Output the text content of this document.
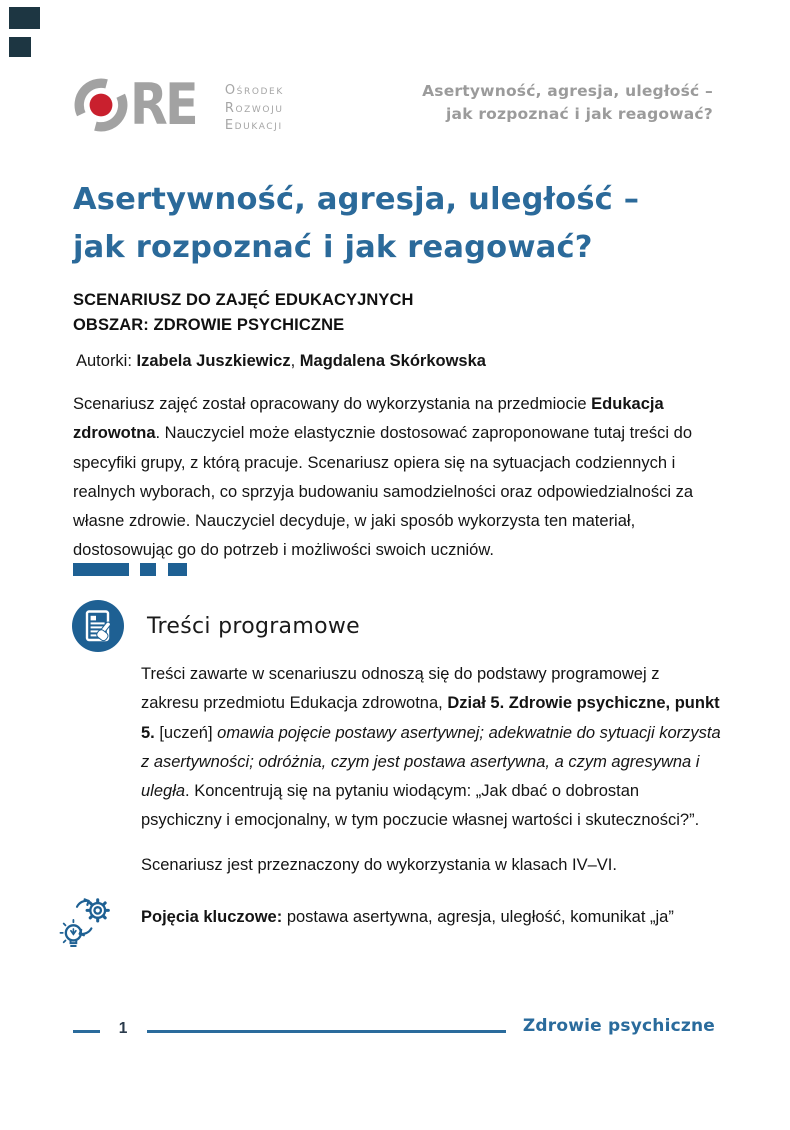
RE Ośrodek
Rozwoju
Edukacji
Asertywność, agresja, uległość –
jak rozpoznać i jak reagować?
Asertywność, agresja, uległość –
jak rozpoznać i jak reagować?
SCENARIUSZ DO ZAJĘĆ EDUKACYJNYCH
OBSZAR: ZDROWIE PSYCHICZNE
Autorki: Izabela Juszkiewicz, Magdalena Skórkowska

Scenariusz zajęć został opracowany do wykorzystania na przedmiocie Edukacja zdrowotna. Nauczyciel może elastycznie dostosować zaproponowane tutaj treści do specyfiki grupy, z którą pracuje. Scenariusz opiera się na sytuacjach codziennych i realnych wyborach, co sprzyja budowaniu samodzielności oraz odpowiedzialności za własne zdrowie. Nauczyciel decyduje, w jaki sposób wykorzysta ten materiał, dostosowując go do potrzeb i możliwości swoich uczniów.

Treści programowe

Treści zawarte w scenariuszu odnoszą się do podstawy programowej z zakresu przedmiotu Edukacja zdrowotna, Dział 5. Zdrowie psychiczne, punkt 5. [uczeń] omawia pojęcie postawy asertywnej; adekwatnie do sytuacji korzysta z asertywności; odróżnia, czym jest postawa asertywna, a czym agresywna i uległa. Koncentrują się na pytaniu wiodącym: „Jak dbać o dobrostan psychiczny i emocjonalny, w tym poczucie własnej wartości i skuteczności?”.

Scenariusz jest przeznaczony do wykorzystania w klasach IV–VI.

Pojęcia kluczowe: postawa asertywna, agresja, uległość, komunikat „ja”

1	Zdrowie psychiczne
